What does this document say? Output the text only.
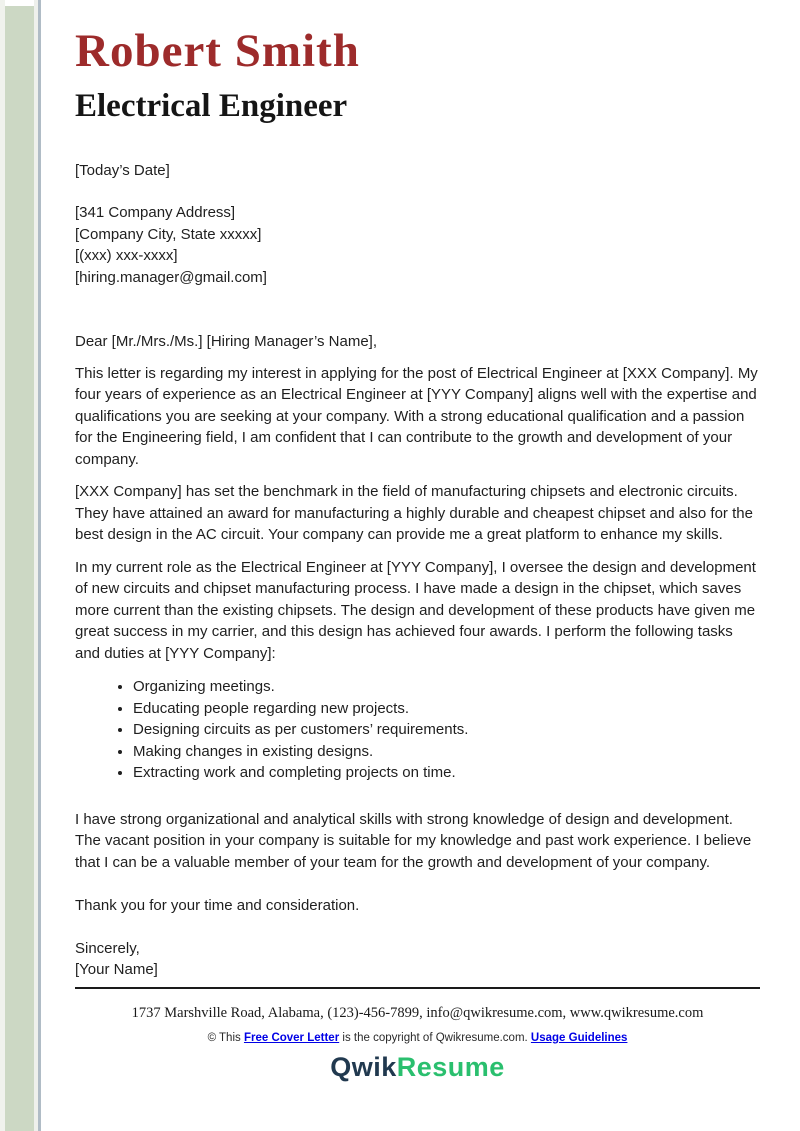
Robert Smith
Electrical Engineer
[Today’s Date]
[341 Company Address]
[Company City, State xxxxx]
[(xxx) xxx-xxxx]
[hiring.manager@gmail.com]
Dear [Mr./Mrs./Ms.] [Hiring Manager’s Name],

This letter is regarding my interest in applying for the post of Electrical Engineer at [XXX Company]. My four years of experience as an Electrical Engineer at [YYY Company] aligns well with the expertise and qualifications you are seeking at your company. With a strong educational qualification and a passion for the Engineering field, I am confident that I can contribute to the growth and development of your company.

[XXX Company] has set the benchmark in the field of manufacturing chipsets and electronic circuits. They have attained an award for manufacturing a highly durable and cheapest chipset and also for the best design in the AC circuit. Your company can provide me a great platform to enhance my skills.

In my current role as the Electrical Engineer at [YYY Company], I oversee the design and development of new circuits and chipset manufacturing process. I have made a design in the chipset, which saves more current than the existing chipsets. The design and development of these products have given me great success in my carrier, and this design has achieved four awards. I perform the following tasks and duties at [YYY Company]:

• Organizing meetings.
• Educating people regarding new projects.
• Designing circuits as per customers’ requirements.
• Making changes in existing designs.
• Extracting work and completing projects on time.

I have strong organizational and analytical skills with strong knowledge of design and development. The vacant position in your company is suitable for my knowledge and past work experience. I believe that I can be a valuable member of your team for the growth and development of your company.

Thank you for your time and consideration.

Sincerely,
[Your Name]
1737 Marshville Road, Alabama, (123)-456-7899, info@qwikresume.com, www.qwikresume.com
© This Free Cover Letter is the copyright of Qwikresume.com. Usage Guidelines
QwikResume
